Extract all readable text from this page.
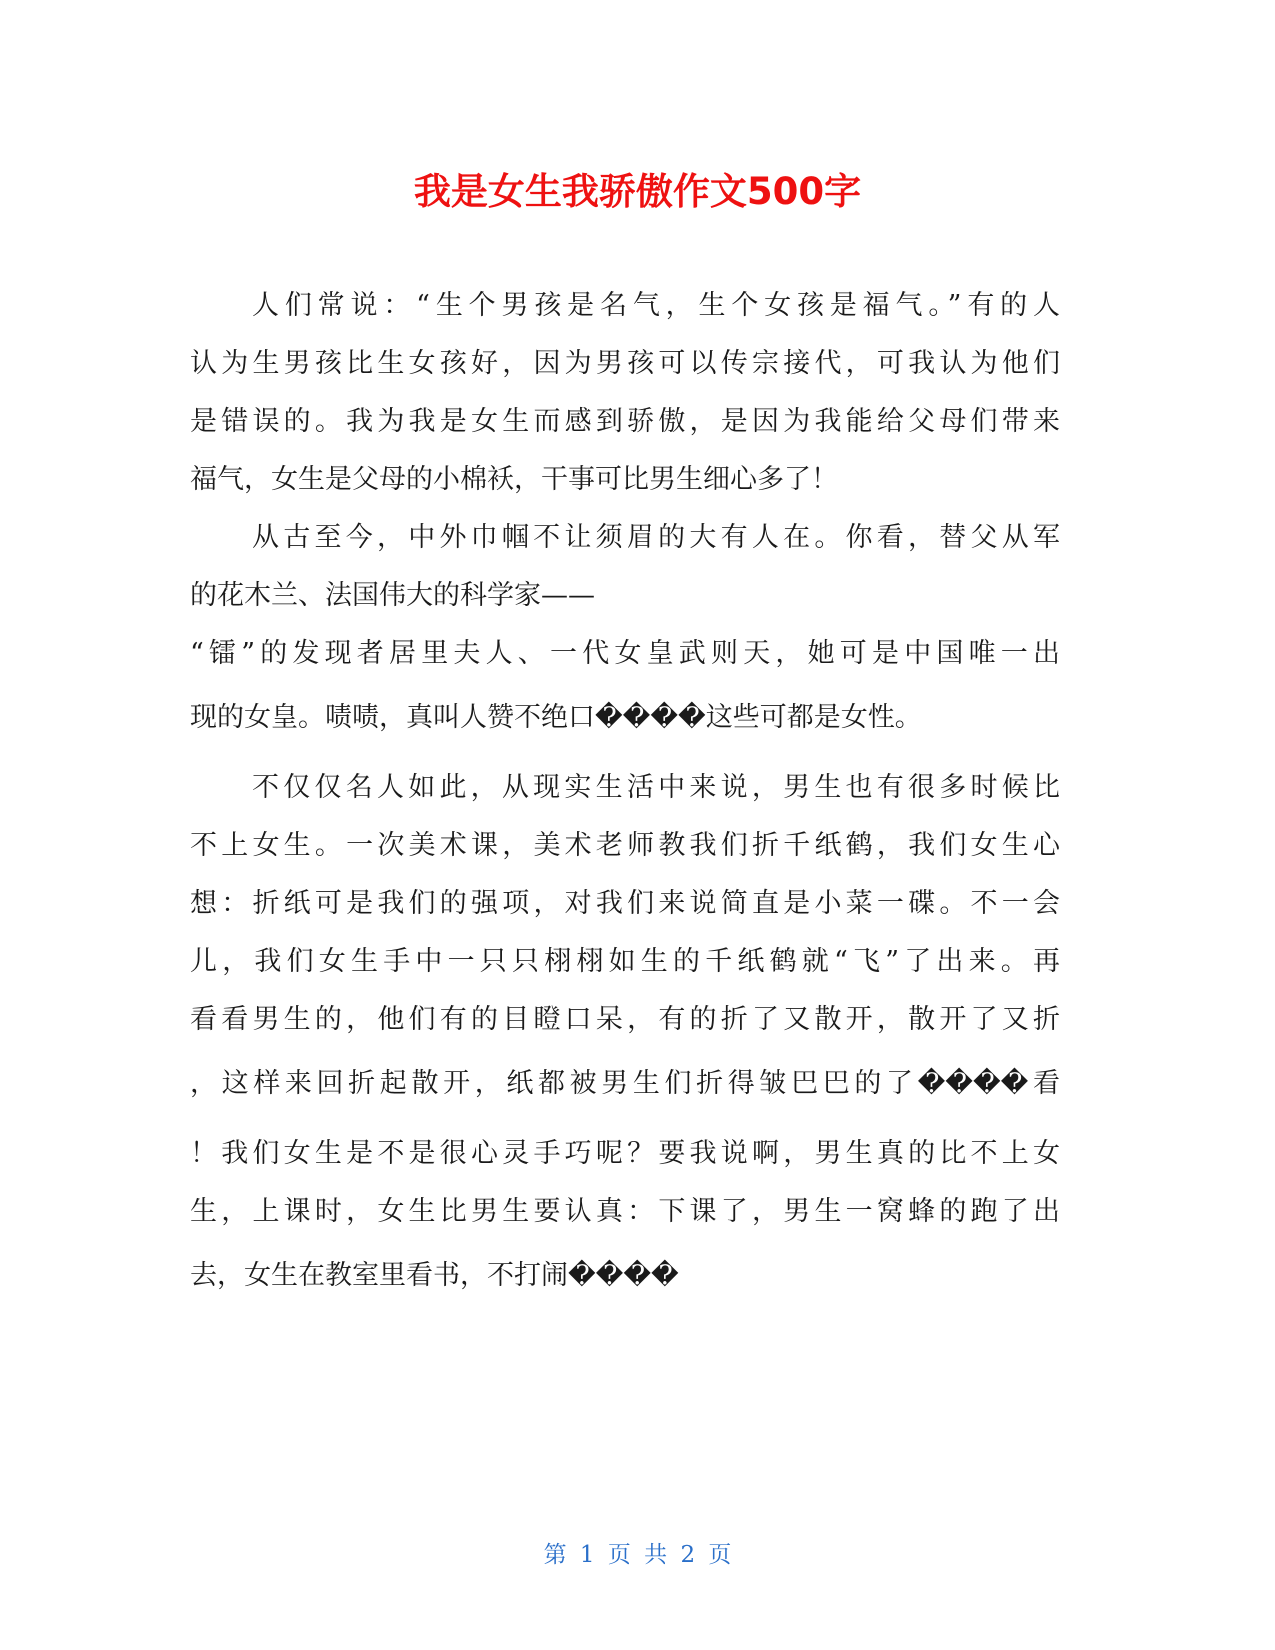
我是女生我骄傲作文500字
人们常说：“生个男孩是名气，生个女孩是福气。”有的人
认为生男孩比生女孩好，因为男孩可以传宗接代，可我认为他们
是错误的。我为我是女生而感到骄傲，是因为我能给父母们带来
福气，女生是父母的小棉袄，干事可比男生细心多了！
从古至今，中外巾帼不让须眉的大有人在。你看，替父从军
的花木兰、法国伟大的科学家——
“镭”的发现者居里夫人、一代女皇武则天，她可是中国唯一出
现的女皇。啧啧，真叫人赞不绝口����这些可都是女性。
不仅仅名人如此，从现实生活中来说，男生也有很多时候比
不上女生。一次美术课，美术老师教我们折千纸鹤，我们女生心
想：折纸可是我们的强项，对我们来说简直是小菜一碟。不一会
儿，我们女生手中一只只栩栩如生的千纸鹤就“飞”了出来。再
看看男生的，他们有的目瞪口呆，有的折了又散开，散开了又折
，这样来回折起散开，纸都被男生们折得皱巴巴的了����看
！我们女生是不是很心灵手巧呢？要我说啊，男生真的比不上女
生，上课时，女生比男生要认真：下课了，男生一窝蜂的跑了出
去，女生在教室里看书，不打闹����
第 1 页 共 2 页
